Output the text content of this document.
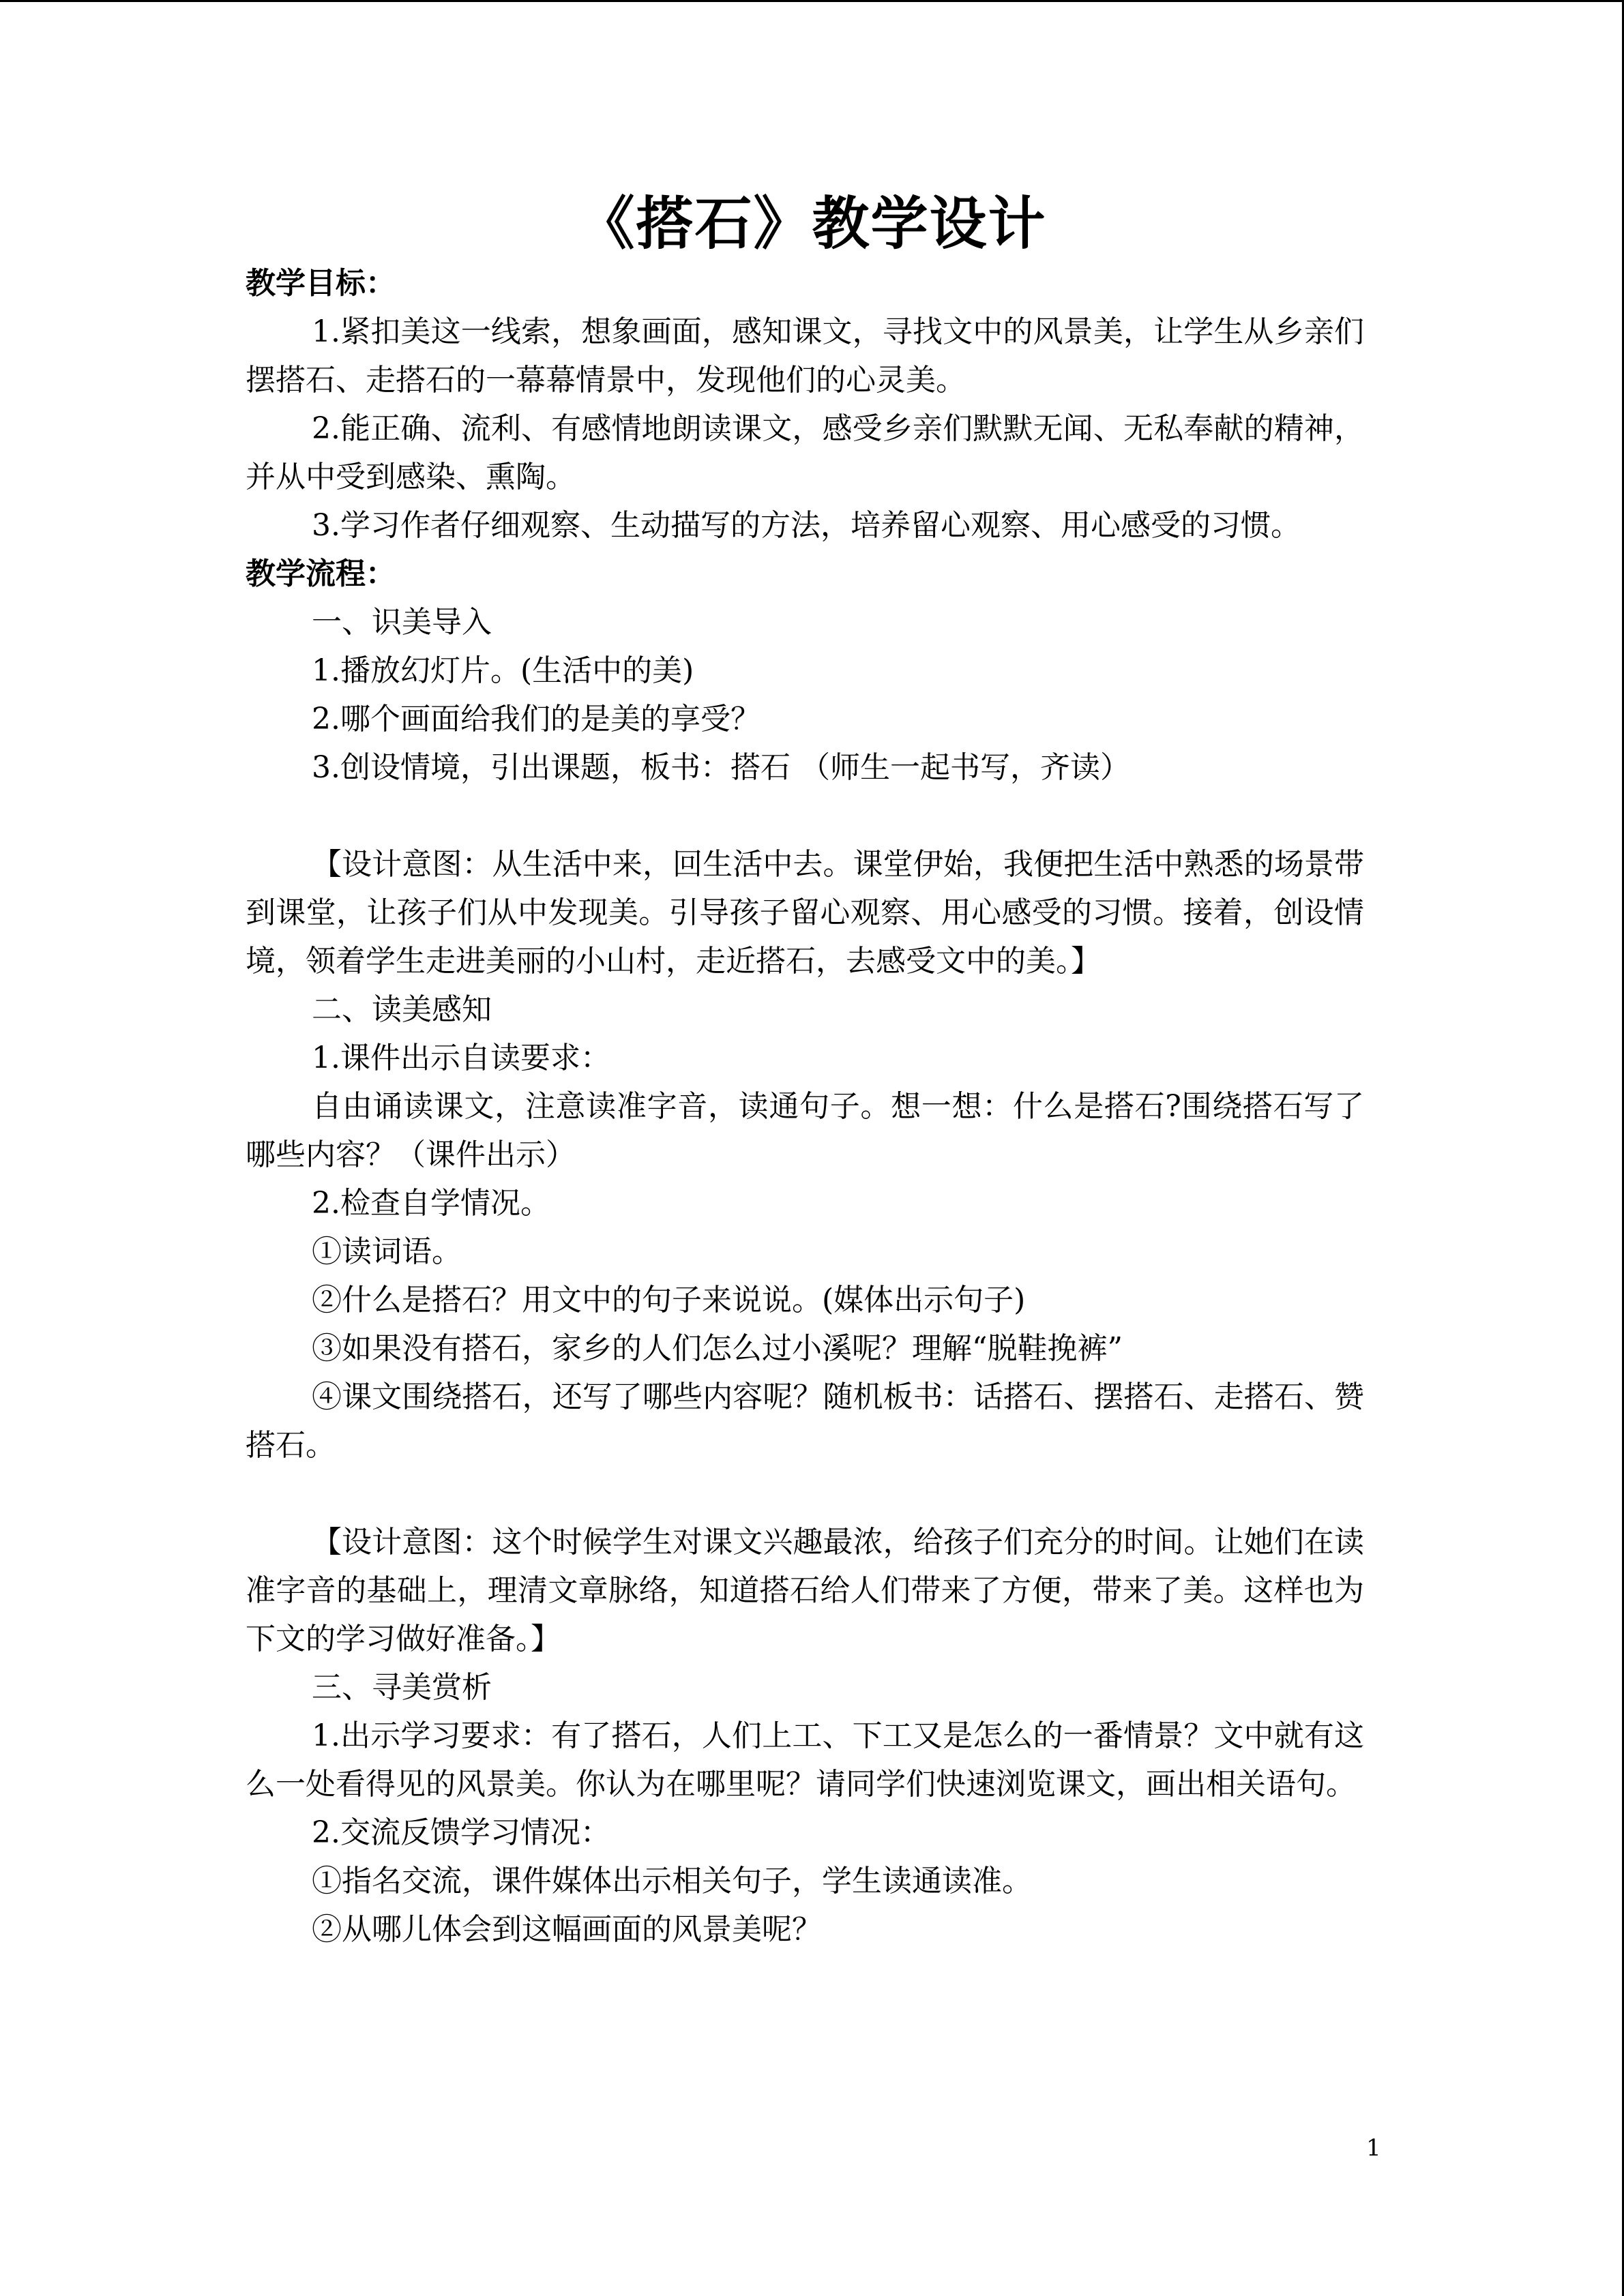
《搭石》教学设计
教学目标：
1.紧扣美这一线索，想象画面，感知课文，寻找文中的风景美，让学生从乡亲们摆搭石、走搭石的一幕幕情景中，发现他们的心灵美。
2.能正确、流利、有感情地朗读课文，感受乡亲们默默无闻、无私奉献的精神，并从中受到感染、熏陶。
3.学习作者仔细观察、生动描写的方法，培养留心观察、用心感受的习惯。
教学流程：
一、识美导入
1.播放幻灯片。(生活中的美)
2.哪个画面给我们的是美的享受？
3.创设情境，引出课题，板书：搭石 （师生一起书写，齐读）
【设计意图：从生活中来，回生活中去。课堂伊始，我便把生活中熟悉的场景带到课堂，让孩子们从中发现美。引导孩子留心观察、用心感受的习惯。接着，创设情境，领着学生走进美丽的小山村，走近搭石，去感受文中的美。】
二、读美感知
1.课件出示自读要求：
自由诵读课文，注意读准字音，读通句子。想一想：什么是搭石?围绕搭石写了哪些内容？（课件出示）
2.检查自学情况。
①读词语。
②什么是搭石？用文中的句子来说说。(媒体出示句子)
③如果没有搭石，家乡的人们怎么过小溪呢？理解“脱鞋挽裤”
④课文围绕搭石，还写了哪些内容呢？随机板书：话搭石、摆搭石、走搭石、赞搭石。
【设计意图：这个时候学生对课文兴趣最浓，给孩子们充分的时间。让她们在读准字音的基础上，理清文章脉络，知道搭石给人们带来了方便，带来了美。这样也为下文的学习做好准备。】
三、寻美赏析
1.出示学习要求：有了搭石，人们上工、下工又是怎么的一番情景？文中就有这么一处看得见的风景美。你认为在哪里呢？请同学们快速浏览课文，画出相关语句。
2.交流反馈学习情况：
①指名交流，课件媒体出示相关句子，学生读通读准。
②从哪儿体会到这幅画面的风景美呢？
1
